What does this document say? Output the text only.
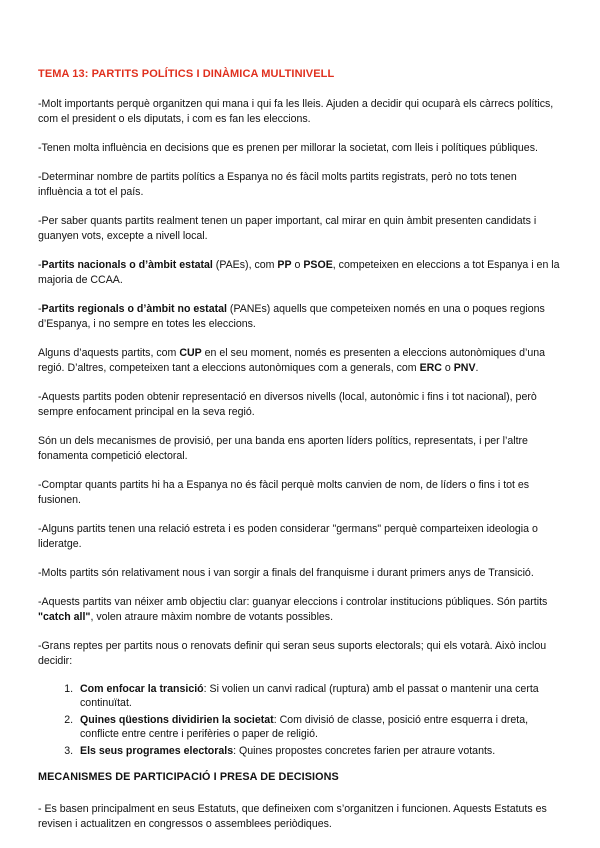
TEMA 13: PARTITS POLÍTICS I DINÀMICA MULTINIVELL

-Molt importants perquè organitzen qui mana i qui fa les lleis. Ajuden a decidir qui ocuparà els càrrecs polítics, com el president o els diputats, i com es fan les eleccions.

-Tenen molta influència en decisions que es prenen per millorar la societat, com lleis i polítiques públiques.

-Determinar nombre de partits polítics a Espanya no és fàcil molts partits registrats, però no tots tenen influència a tot el país.

-Per saber quants partits realment tenen un paper important, cal mirar en quin àmbit presenten candidats i guanyen vots, excepte a nivell local.

-Partits nacionals o d’àmbit estatal (PAEs), com PP o PSOE, competeixen en eleccions a tot Espanya i en la majoria de CCAA.

-Partits regionals o d’àmbit no estatal (PANEs) aquells que competeixen només en una o poques regions d’Espanya, i no sempre en totes les eleccions.

Alguns d’aquests partits, com CUP en el seu moment, només es presenten a eleccions autonòmiques d’una regió. D’altres, competeixen tant a eleccions autonòmiques com a generals, com ERC o PNV.

-Aquests partits poden obtenir representació en diversos nivells (local, autonòmic i fins i tot nacional), però sempre enfocament principal en la seva regió.

Són un dels mecanismes de provisió, per una banda ens aporten líders polítics, representats, i per l’altre fonamenta competició electoral.

-Comptar quants partits hi ha a Espanya no és fàcil perquè molts canvien de nom, de líders o fins i tot es fusionen.

-Alguns partits tenen una relació estreta i es poden considerar "germans" perquè comparteixen ideologia o lideratge.

-Molts partits són relativament nous i van sorgir a finals del franquisme i durant primers anys de Transició.

-Aquests partits van néixer amb objectiu clar: guanyar eleccions i controlar institucions públiques. Són partits "catch all", volen atraure màxim nombre de votants possibles.

-Grans reptes per partits nous o renovats definir qui seran seus suports electorals; qui els votarà. Això inclou decidir:

1. Com enfocar la transició: Si volien un canvi radical (ruptura) amb el passat o mantenir una certa continuïtat.
2. Quines qüestions dividirien la societat: Com divisió de classe, posició entre esquerra i dreta, conflicte entre centre i perifèries o paper de religió.
3. Els seus programes electorals: Quines propostes concretes farien per atraure votants.
MECANISMES DE PARTICIPACIÓ I PRESA DE DECISIONS

- Es basen principalment en seus Estatuts, que defineixen com s’organitzen i funcionen. Aquests Estatuts es revisen i actualitzen en congressos o assemblees periòdiques.
